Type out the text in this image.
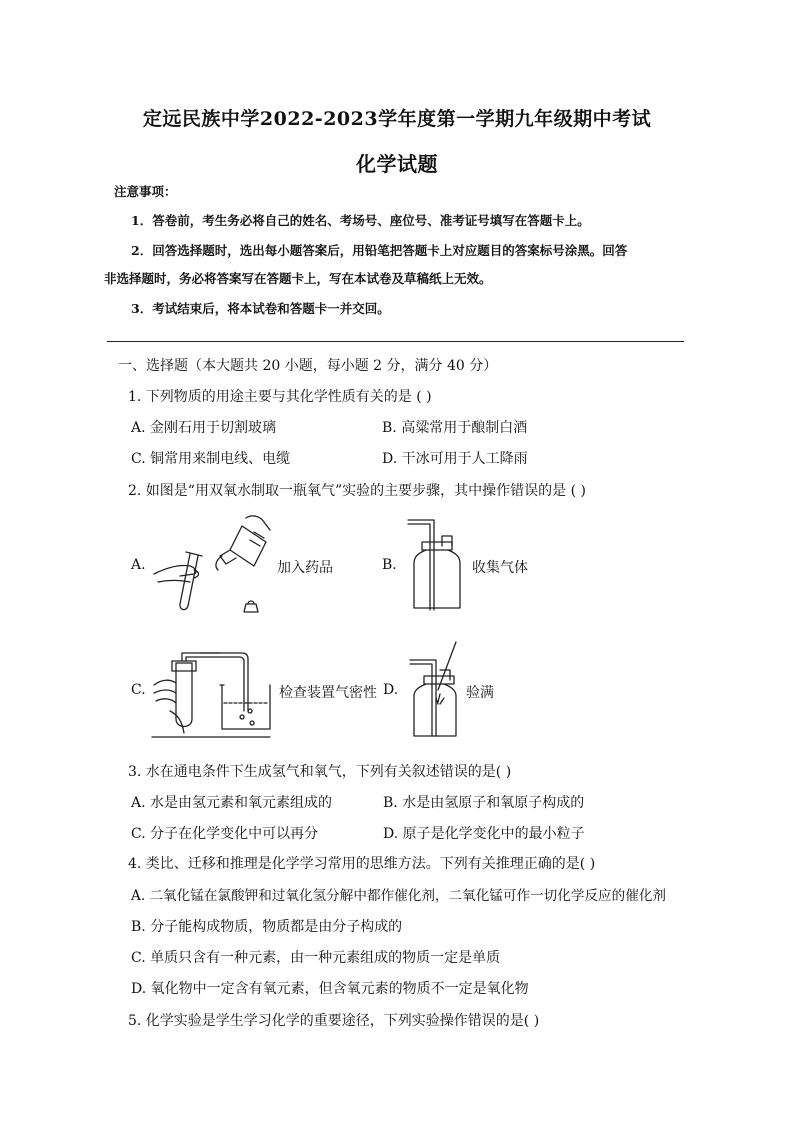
定远民族中学2022-2023学年度第一学期九年级期中考试
化学试题
注意事项：
1．答卷前，考生务必将自己的姓名、考场号、座位号、准考证号填写在答题卡上。
2．回答选择题时，选出每小题答案后，用铅笔把答题卡上对应题目的答案标号涂黑。回答
非选择题时，务必将答案写在答题卡上，写在本试卷及草稿纸上无效。
3．考试结束后，将本试卷和答题卡一并交回。
一、选择题（本大题共 20 小题，每小题 2 分，满分 40 分）
1. 下列物质的用途主要与其化学性质有关的是 ( )
A. 金刚石用于切割玻璃	B. 高粱常用于酿制白酒
C. 铜常用来制电线、电缆	D. 干冰可用于人工降雨
2. 如图是“用双氧水制取一瓶氧气”实验的主要步骤，其中操作错误的是 ( )
A.	加入药品	B.	收集气体
C.	检查装置气密性 D.	验满
3. 水在通电条件下生成氢气和氧气，下列有关叙述错误的是( )
A. 水是由氢元素和氧元素组成的	B. 水是由氢原子和氧原子构成的
C. 分子在化学变化中可以再分	D. 原子是化学变化中的最小粒子
4. 类比、迁移和推理是化学学习常用的思维方法。下列有关推理正确的是( )
A. 二氧化锰在氯酸钾和过氧化氢分解中都作催化剂，二氧化锰可作一切化学反应的催化剂
B. 分子能构成物质，物质都是由分子构成的
C. 单质只含有一种元素，由一种元素组成的物质一定是单质
D. 氧化物中一定含有氧元素，但含氧元素的物质不一定是氧化物
5. 化学实验是学生学习化学的重要途径，下列实验操作错误的是( )
